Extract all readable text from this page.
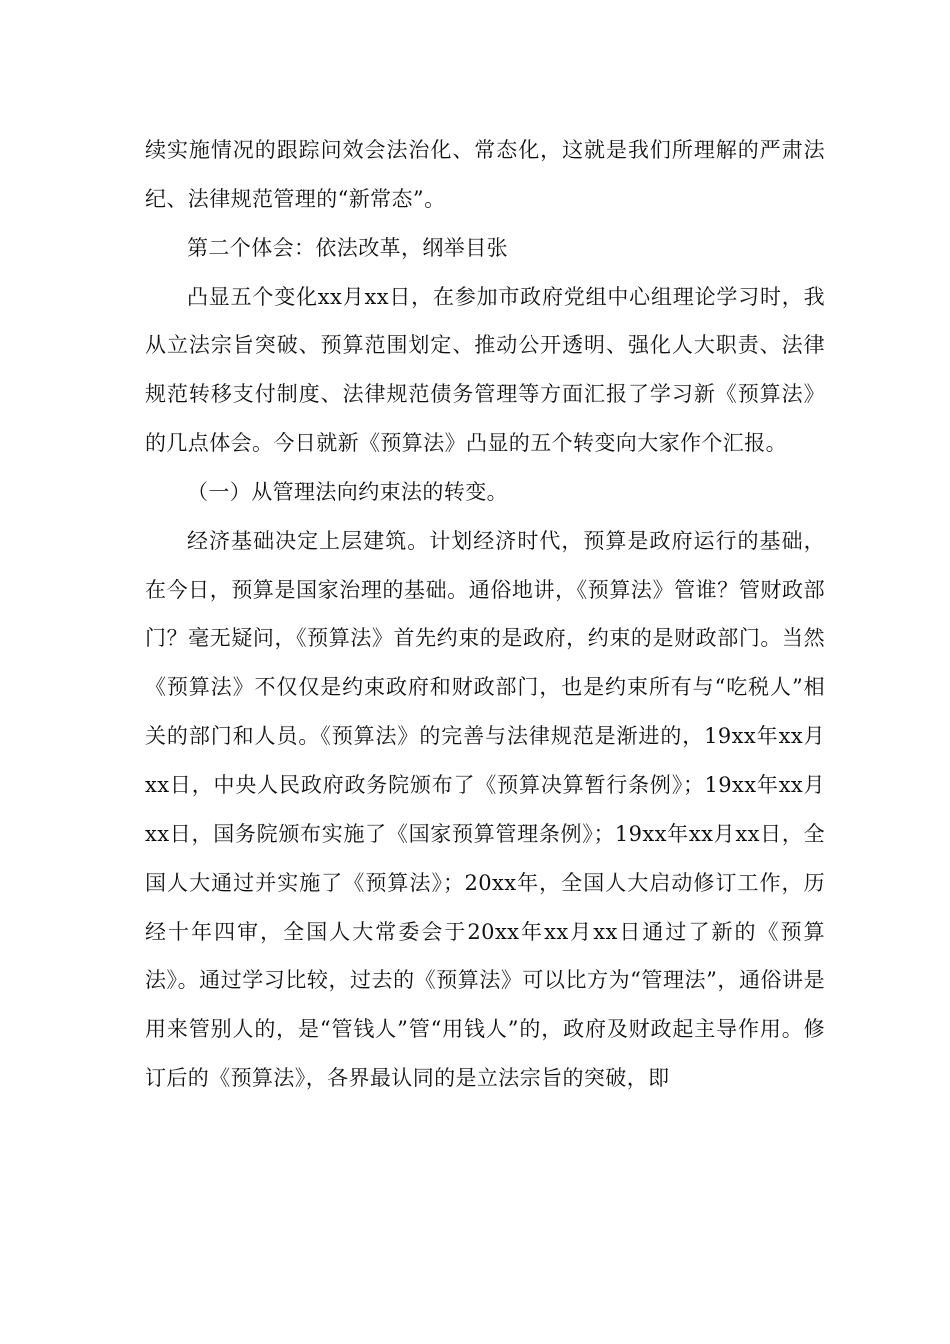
续实施情况的跟踪问效会法治化、常态化，这就是我们所理解的严肃法纪、法律规范管理的“新常态”。

第二个体会：依法改革，纲举目张

凸显五个变化xx月xx日，在参加市政府党组中心组理论学习时，我从立法宗旨突破、预算范围划定、推动公开透明、强化人大职责、法律规范转移支付制度、法律规范债务管理等方面汇报了学习新《预算法》的几点体会。今日就新《预算法》凸显的五个转变向大家作个汇报。

（一）从管理法向约束法的转变。

经济基础决定上层建筑。计划经济时代，预算是政府运行的基础，在今日，预算是国家治理的基础。通俗地讲，《预算法》管谁？管财政部门？毫无疑问，《预算法》首先约束的是政府，约束的是财政部门。当然《预算法》不仅仅是约束政府和财政部门，也是约束所有与“吃税人”相关的部门和人员。《预算法》的完善与法律规范是渐进的，19xx年xx月xx日，中央人民政府政务院颁布了《预算决算暂行条例》；19xx年xx月xx日，国务院颁布实施了《国家预算管理条例》；19xx年xx月xx日，全国人大通过并实施了《预算法》；20xx年，全国人大启动修订工作，历经十年四审，全国人大常委会于20xx年xx月xx日通过了新的《预算法》。通过学习比较，过去的《预算法》可以比方为“管理法”，通俗讲是用来管别人的，是“管钱人”管“用钱人”的，政府及财政起主导作用。修订后的《预算法》，各界最认同的是立法宗旨的突破，即
